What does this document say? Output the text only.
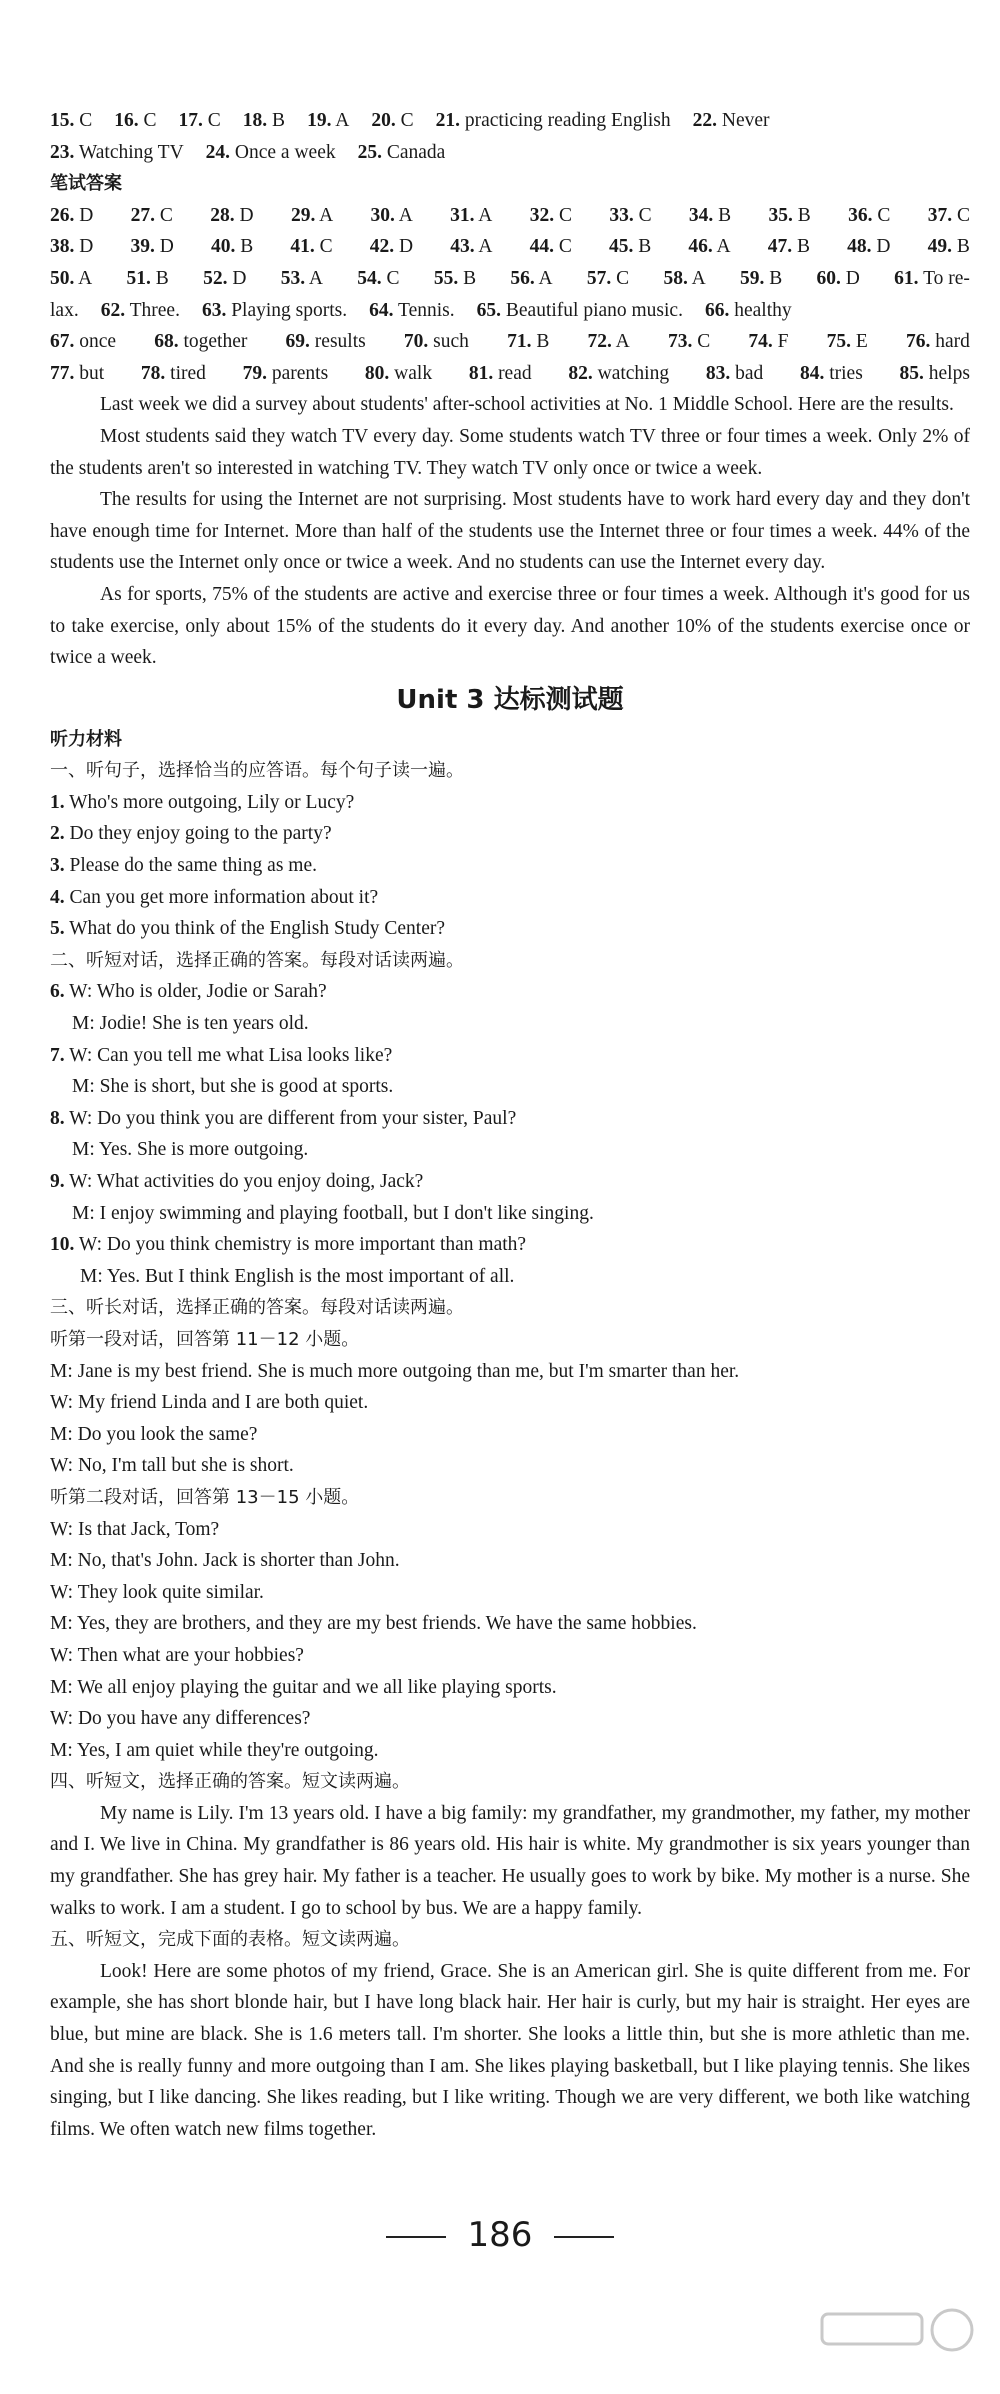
15. C 16. C 17. C 18. B 19. A 20. C 21. practicing reading English 22. Never
23. Watching TV 24. Once a week 25. Canada
笔试答案
26. D 27. C 28. D 29. A 30. A 31. A 32. C 33. C 34. B 35. B 36. C 37. C
38. D 39. D 40. B 41. C 42. D 43. A 44. C 45. B 46. A 47. B 48. D 49. B
50. A 51. B 52. D 53. A 54. C 55. B 56. A 57. C 58. A 59. B 60. D 61. To re-
lax. 62. Three. 63. Playing sports. 64. Tennis. 65. Beautiful piano music. 66. healthy
67. once 68. together 69. results 70. such 71. B 72. A 73. C 74. F 75. E 76. hard
77. but 78. tired 79. parents 80. walk 81. read 82. watching 83. bad 84. tries 85. helps
Last week we did a survey about students' after-school activities at No. 1 Middle School. Here are the results.
Most students said they watch TV every day. Some students watch TV three or four times a week. Only 2% of the students aren't so interested in watching TV. They watch TV only once or twice a week.
The results for using the Internet are not surprising. Most students have to work hard every day and they don't have enough time for Internet. More than half of the students use the Internet three or four times a week. 44% of the students use the Internet only once or twice a week. And no students can use the Internet every day.
As for sports, 75% of the students are active and exercise three or four times a week. Although it's good for us to take exercise, only about 15% of the students do it every day. And another 10% of the students exercise once or twice a week.
Unit 3 达标测试题
听力材料
一、听句子，选择恰当的应答语。每个句子读一遍。
1. Who's more outgoing, Lily or Lucy?
2. Do they enjoy going to the party?
3. Please do the same thing as me.
4. Can you get more information about it?
5. What do you think of the English Study Center?
二、听短对话，选择正确的答案。每段对话读两遍。
6. W: Who is older, Jodie or Sarah?
M: Jodie! She is ten years old.
7. W: Can you tell me what Lisa looks like?
M: She is short, but she is good at sports.
8. W: Do you think you are different from your sister, Paul?
M: Yes. She is more outgoing.
9. W: What activities do you enjoy doing, Jack?
M: I enjoy swimming and playing football, but I don't like singing.
10. W: Do you think chemistry is more important than math?
M: Yes. But I think English is the most important of all.
三、听长对话，选择正确的答案。每段对话读两遍。
听第一段对话，回答第 11－12 小题。
M: Jane is my best friend. She is much more outgoing than me, but I'm smarter than her.
W: My friend Linda and I are both quiet.
M: Do you look the same?
W: No, I'm tall but she is short.
听第二段对话，回答第 13－15 小题。
W: Is that Jack, Tom?
M: No, that's John. Jack is shorter than John.
W: They look quite similar.
M: Yes, they are brothers, and they are my best friends. We have the same hobbies.
W: Then what are your hobbies?
M: We all enjoy playing the guitar and we all like playing sports.
W: Do you have any differences?
M: Yes, I am quiet while they're outgoing.
四、听短文，选择正确的答案。短文读两遍。
My name is Lily. I'm 13 years old. I have a big family: my grandfather, my grandmother, my father, my mother and I. We live in China. My grandfather is 86 years old. His hair is white. My grandmother is six years younger than my grandfather. She has grey hair. My father is a teacher. He usually goes to work by bike. My mother is a nurse. She walks to work. I am a student. I go to school by bus. We are a happy family.
五、听短文，完成下面的表格。短文读两遍。
Look! Here are some photos of my friend, Grace. She is an American girl. She is quite different from me. For example, she has short blonde hair, but I have long black hair. Her hair is curly, but my hair is straight. Her eyes are blue, but mine are black. She is 1.6 meters tall. I'm shorter. She looks a little thin, but she is more athletic than me. And she is really funny and more outgoing than I am. She likes playing basketball, but I like playing tennis. She likes singing, but I like dancing. She likes reading, but I like writing. Though we are very different, we both like watching films. We often watch new films together.
186
